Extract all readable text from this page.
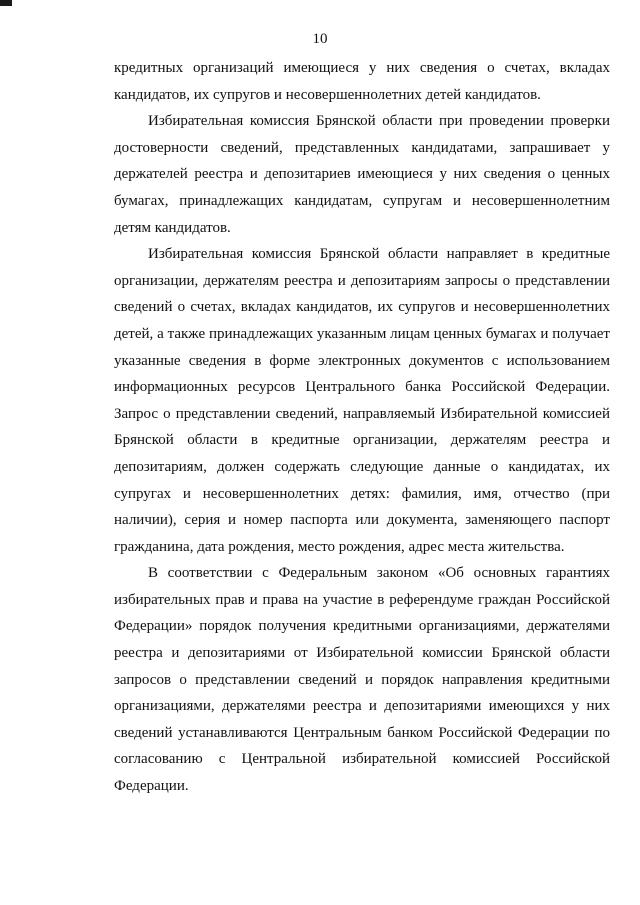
10

кредитных организаций имеющиеся у них сведения о счетах, вкладах кандидатов, их супругов и несовершеннолетних детей кандидатов.

Избирательная комиссия Брянской области при проведении проверки достоверности сведений, представленных кандидатами, запрашивает у держателей реестра и депозитариев имеющиеся у них сведения о ценных бумагах, принадлежащих кандидатам, супругам и несовершеннолетним детям кандидатов.

Избирательная комиссия Брянской области направляет в кредитные организации, держателям реестра и депозитариям запросы о представлении сведений о счетах, вкладах кандидатов, их супругов и несовершеннолетних детей, а также принадлежащих указанным лицам ценных бумагах и получает указанные сведения в форме электронных документов с использованием информационных ресурсов Центрального банка Российской Федерации. Запрос о представлении сведений, направляемый Избирательной комиссией Брянской области в кредитные организации, держателям реестра и депозитариям, должен содержать следующие данные о кандидатах, их супругах и несовершеннолетних детях: фамилия, имя, отчество (при наличии), серия и номер паспорта или документа, заменяющего паспорт гражданина, дата рождения, место рождения, адрес места жительства.

В соответствии с Федеральным законом «Об основных гарантиях избирательных прав и права на участие в референдуме граждан Российской Федерации» порядок получения кредитными организациями, держателями реестра и депозитариями от Избирательной комиссии Брянской области запросов о представлении сведений и порядок направления кредитными организациями, держателями реестра и депозитариями имеющихся у них сведений устанавливаются Центральным банком Российской Федерации по согласованию с Центральной избирательной комиссией Российской Федерации.
